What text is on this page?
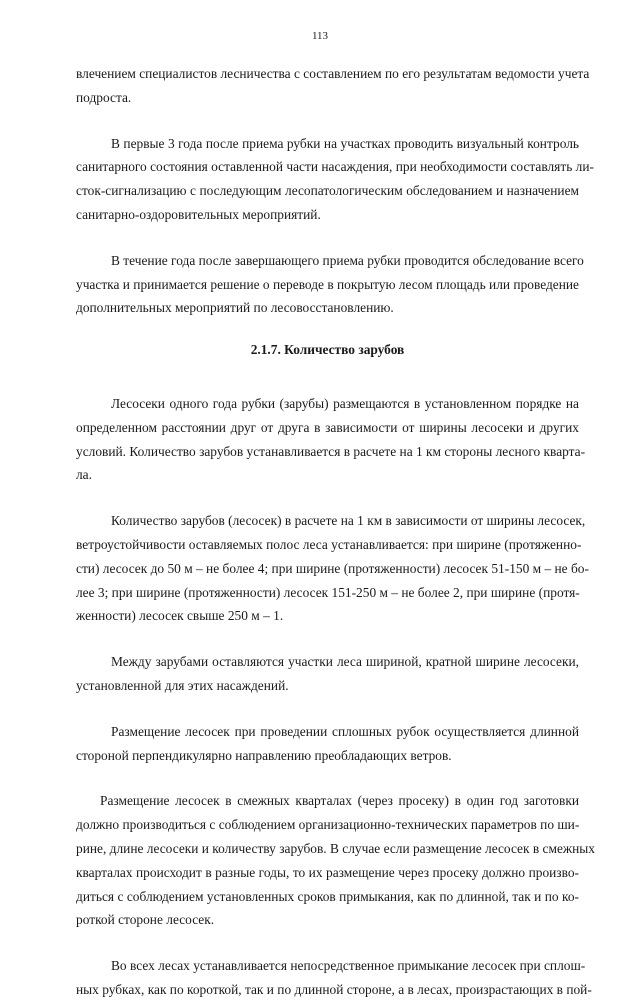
113
влечением специалистов лесничества с составлением по его результатам ведомости учета
подроста.
В первые 3 года после приема рубки на участках проводить визуальный контроль
санитарного состояния оставленной части насаждения, при необходимости составлять ли-
сток-сигнализацию с последующим лесопатологическим обследованием и назначением
санитарно-оздоровительных мероприятий.
В течение года после завершающего приема рубки проводится обследование всего
участка и принимается решение о переводе в покрытую лесом площадь или проведение
дополнительных мероприятий по лесовосстановлению.
2.1.7. Количество зарубов
Лесосеки одного года рубки (зарубы) размещаются в установленном порядке на
определенном расстоянии друг от друга в зависимости от ширины лесосеки и других
условий. Количество зарубов устанавливается в расчете на 1 км стороны лесного кварта-
ла.
Количество зарубов (лесосек) в расчете на 1 км в зависимости от ширины лесосек,
ветроустойчивости оставляемых полос леса устанавливается: при ширине (протяженно-
сти) лесосек до 50 м – не более 4; при ширине (протяженности) лесосек 51-150 м – не бо-
лее 3; при ширине (протяженности) лесосек 151-250 м – не более 2, при ширине (протя-
женности) лесосек свыше 250 м – 1.
Между зарубами оставляются участки леса шириной, кратной ширине лесосеки,
установленной для этих насаждений.
Размещение лесосек при проведении сплошных рубок осуществляется длинной
стороной перпендикулярно направлению преобладающих ветров.
Размещение лесосек в смежных кварталах (через просеку) в один год заготовки
должно производиться с соблюдением организационно-технических параметров по ши-
рине, длине лесосеки и количеству зарубов. В случае если размещение лесосек в смежных
кварталах происходит в разные годы, то их размещение через просеку должно произво-
диться с соблюдением установленных сроков примыкания, как по длинной, так и по ко-
роткой стороне лесосек.
Во всех лесах устанавливается непосредственное примыкание лесосек при сплош-
ных рубках, как по короткой, так и по длинной стороне, а в лесах, произрастающих в пой-
